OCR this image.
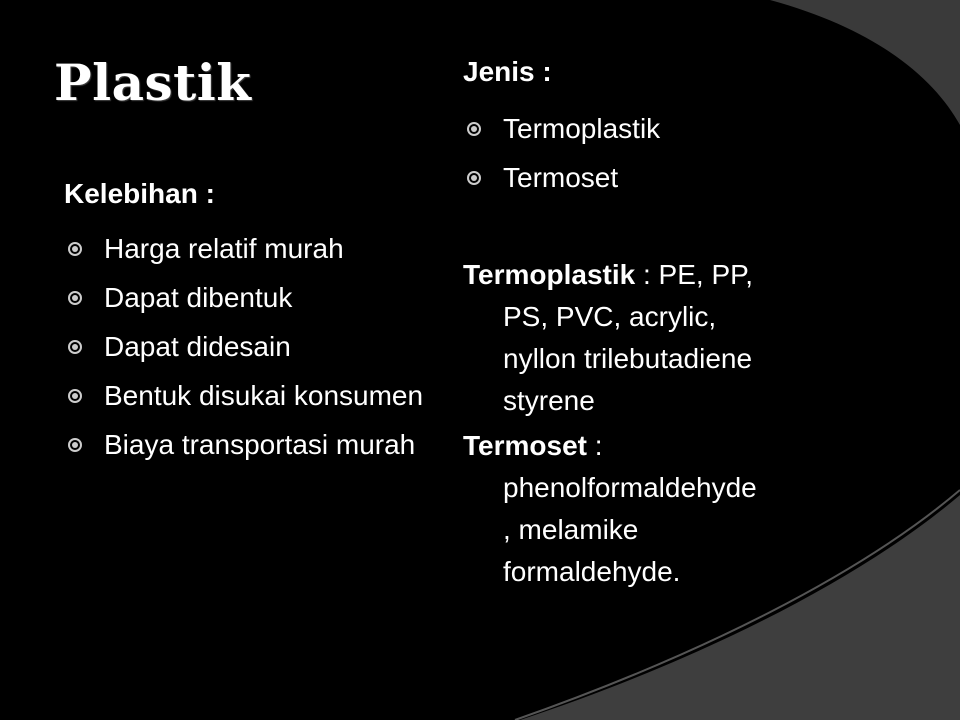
Plastik
Kelebihan :
Harga relatif murah
Dapat dibentuk
Dapat didesain
Bentuk disukai konsumen
Biaya transportasi murah
Jenis :
Termoplastik
Termoset
Termoplastik : PE, PP,
PS, PVC, acrylic,
nyllon trilebutadiene
styrene
Termoset :
phenolformaldehyde
, melamike
formaldehyde.
